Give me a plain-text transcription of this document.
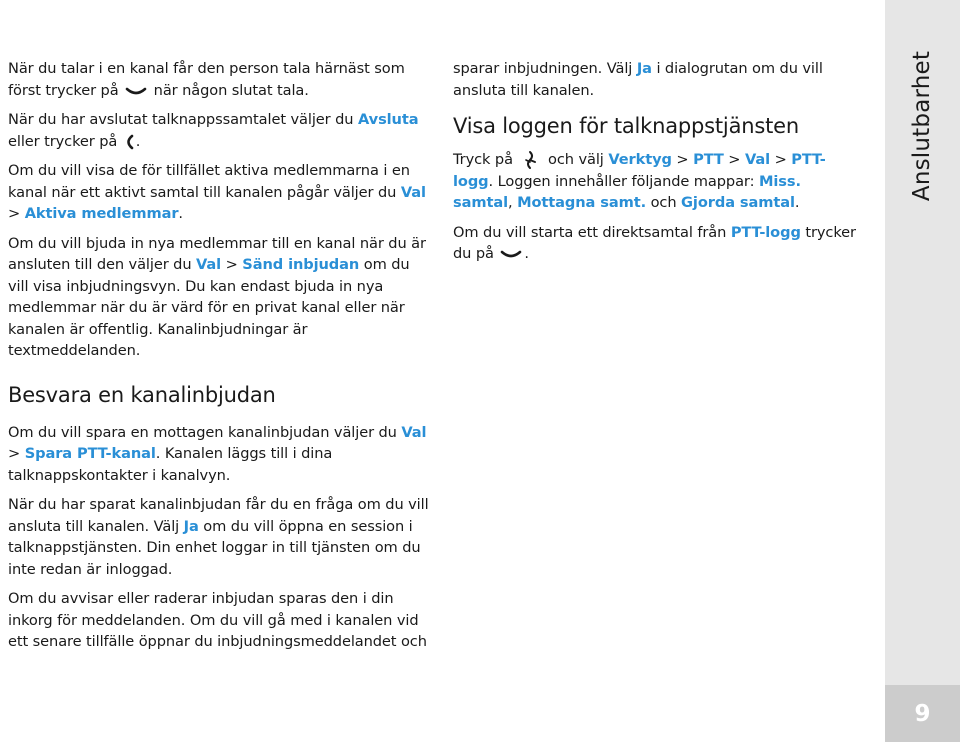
När du talar i en kanal får den person tala härnäst som först trycker på när någon slutat tala.

När du har avslutat talknappssamtalet väljer du Avsluta eller trycker på .

Om du vill visa de för tillfället aktiva medlemmarna i en kanal när ett aktivt samtal till kanalen pågår väljer du Val > Aktiva medlemmar.

Om du vill bjuda in nya medlemmar till en kanal när du är ansluten till den väljer du Val > Sänd inbjudan om du vill visa inbjudningsvyn. Du kan endast bjuda in nya medlemmar när du är värd för en privat kanal eller när kanalen är offentlig. Kanalinbjudningar är textmeddelanden.

Besvara en kanalinbjudan

Om du vill spara en mottagen kanalinbjudan väljer du Val > Spara PTT-kanal. Kanalen läggs till i dina talknappskontakter i kanalvyn.

När du har sparat kanalinbjudan får du en fråga om du vill ansluta till kanalen. Välj Ja om du vill öppna en session i talknappstjänsten. Din enhet loggar in till tjänsten om du inte redan är inloggad.

Om du avvisar eller raderar inbjudan sparas den i din inkorg för meddelanden. Om du vill gå med i kanalen vid ett senare tillfälle öppnar du inbjudningsmeddelandet och

sparar inbjudningen. Välj Ja i dialogrutan om du vill ansluta till kanalen.

Visa loggen för talknappstjänsten

Tryck på och välj Verktyg > PTT > Val > PTT-logg. Loggen innehåller följande mappar: Miss. samtal, Mottagna samt. och Gjorda samtal.

Om du vill starta ett direktsamtal från PTT-logg trycker du på .

Anslutbarhet
9
